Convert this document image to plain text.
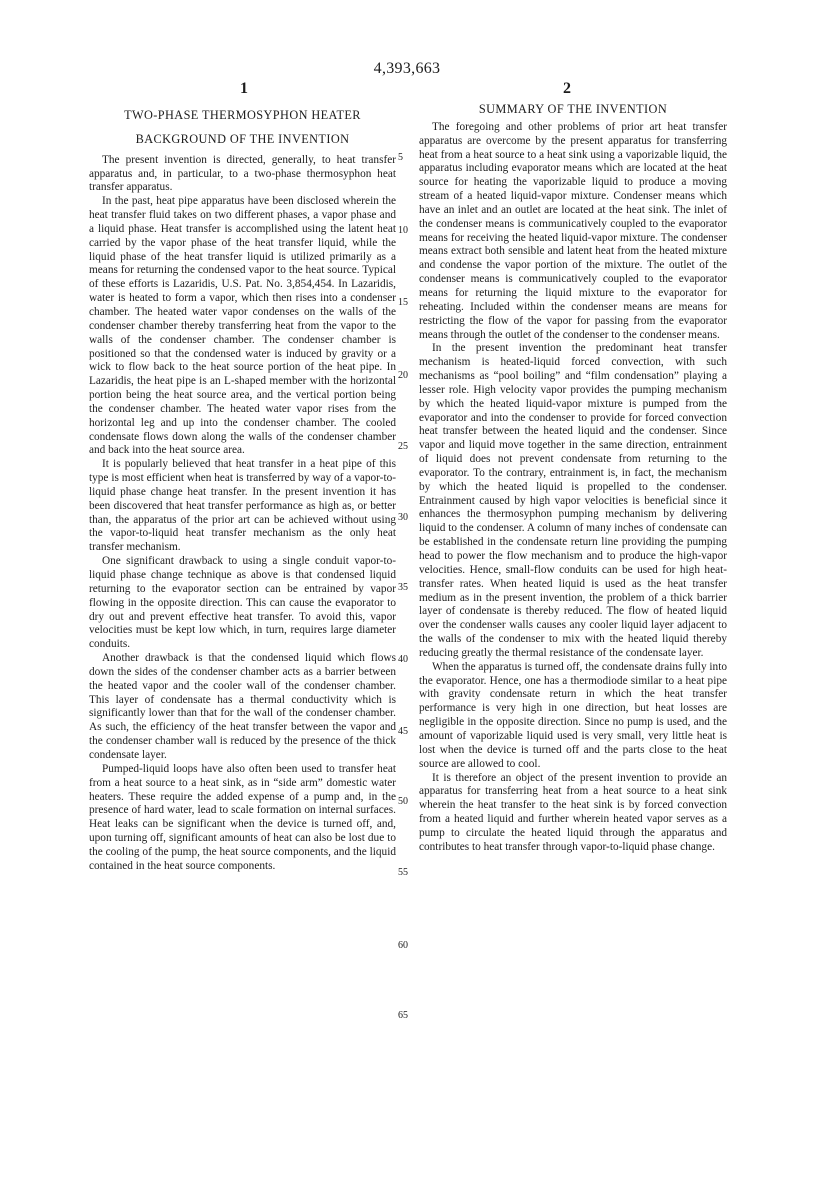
4,393,663
1	2

TWO-PHASE THERMOSYPHON HEATER

BACKGROUND OF THE INVENTION

The present invention is directed, generally, to heat transfer apparatus and, in particular, to a two-phase thermosyphon heat transfer apparatus.

In the past, heat pipe apparatus have been disclosed wherein the heat transfer fluid takes on two different phases, a vapor phase and a liquid phase. Heat transfer is accomplished using the latent heat carried by the vapor phase of the heat transfer liquid, while the liquid phase of the heat transfer liquid is utilized primarily as a means for returning the condensed vapor to the heat source. Typical of these efforts is Lazaridis, U.S. Pat. No. 3,854,454. In Lazaridis, water is heated to form a vapor, which then rises into a condenser chamber. The heated water vapor condenses on the walls of the condenser chamber thereby transferring heat from the vapor to the walls of the condenser chamber. The condenser chamber is positioned so that the condensed water is induced by gravity or a wick to flow back to the heat source portion of the heat pipe. In Lazaridis, the heat pipe is an L-shaped member with the horizontal portion being the heat source area, and the vertical portion being the condenser chamber. The heated water vapor rises from the horizontal leg and up into the condenser chamber. The cooled condensate flows down along the walls of the condenser chamber and back into the heat source area.

It is popularly believed that heat transfer in a heat pipe of this type is most efficient when heat is transferred by way of a vapor-to-liquid phase change heat transfer. In the present invention it has been discovered that heat transfer performance as high as, or better than, the apparatus of the prior art can be achieved without using the vapor-to-liquid heat transfer mechanism as the only heat transfer mechanism.

One significant drawback to using a single conduit vapor-to-liquid phase change technique as above is that condensed liquid returning to the evaporator section can be entrained by vapor flowing in the opposite direction. This can cause the evaporator to dry out and prevent effective heat transfer. To avoid this, vapor velocities must be kept low which, in turn, requires large diameter conduits.

Another drawback is that the condensed liquid which flows down the sides of the condenser chamber acts as a barrier between the heated vapor and the cooler wall of the condenser chamber. This layer of condensate has a thermal conductivity which is significantly lower than that for the wall of the condenser chamber. As such, the efficiency of the heat transfer between the vapor and the condenser chamber wall is reduced by the presence of the thick condensate layer.

Pumped-liquid loops have also often been used to transfer heat from a heat source to a heat sink, as in “side arm” domestic water heaters. These require the added expense of a pump and, in the presence of hard water, lead to scale formation on internal surfaces. Heat leaks can be significant when the device is turned off, and, upon turning off, significant amounts of heat can also be lost due to the cooling of the pump, the heat source components, and the liquid contained in the heat source components.

SUMMARY OF THE INVENTION

The foregoing and other problems of prior art heat transfer apparatus are overcome by the present apparatus for transferring heat from a heat source to a heat sink using a vaporizable liquid, the apparatus including evaporator means which are located at the heat source for heating the vaporizable liquid to produce a moving stream of a heated liquid-vapor mixture. Condenser means which have an inlet and an outlet are located at the heat sink. The inlet of the condenser means is communicatively coupled to the evaporator means for receiving the heated liquid-vapor mixture. The condenser means extract both sensible and latent heat from the heated mixture and condense the vapor portion of the mixture. The outlet of the condenser means is communicatively coupled to the evaporator means for returning the liquid mixture to the evaporator for reheating. Included within the condenser means are means for restricting the flow of the vapor for passing from the evaporator means through the outlet of the condenser to the condenser means.

In the present invention the predominant heat transfer mechanism is heated-liquid forced convection, with such mechanisms as “pool boiling” and “film condensation” playing a lesser role. High velocity vapor provides the pumping mechanism by which the heated liquid-vapor mixture is pumped from the evaporator and into the condenser to provide for forced convection heat transfer between the heated liquid and the condenser. Since vapor and liquid move together in the same direction, entrainment of liquid does not prevent condensate from returning to the evaporator. To the contrary, entrainment is, in fact, the mechanism by which the heated liquid is propelled to the condenser. Entrainment caused by high vapor velocities is beneficial since it enhances the thermosyphon pumping mechanism by delivering liquid to the condenser. A column of many inches of condensate can be established in the condensate return line providing the pumping head to power the flow mechanism and to produce the high-vapor velocities. Hence, small-flow conduits can be used for high heat-transfer rates. When heated liquid is used as the heat transfer medium as in the present invention, the problem of a thick barrier layer of condensate is thereby reduced. The flow of heated liquid over the condenser walls causes any cooler liquid layer adjacent to the walls of the condenser to mix with the heated liquid thereby reducing greatly the thermal resistance of the condensate layer.

When the apparatus is turned off, the condensate drains fully into the evaporator. Hence, one has a thermodiode similar to a heat pipe with gravity condensate return in which the heat transfer performance is very high in one direction, but heat losses are negligible in the opposite direction. Since no pump is used, and the amount of vaporizable liquid used is very small, very little heat is lost when the device is turned off and the parts close to the heat source are allowed to cool.

It is therefore an object of the present invention to provide an apparatus for transferring heat from a heat source to a heat sink wherein the heat transfer to the heat sink is by forced convection from a heated liquid and further wherein heated vapor serves as a pump to circulate the heated liquid through the apparatus and contributes to heat transfer through vapor-to-liquid phase change.

5
10
15
20
25
30
35
40
45
50
55
60
65
